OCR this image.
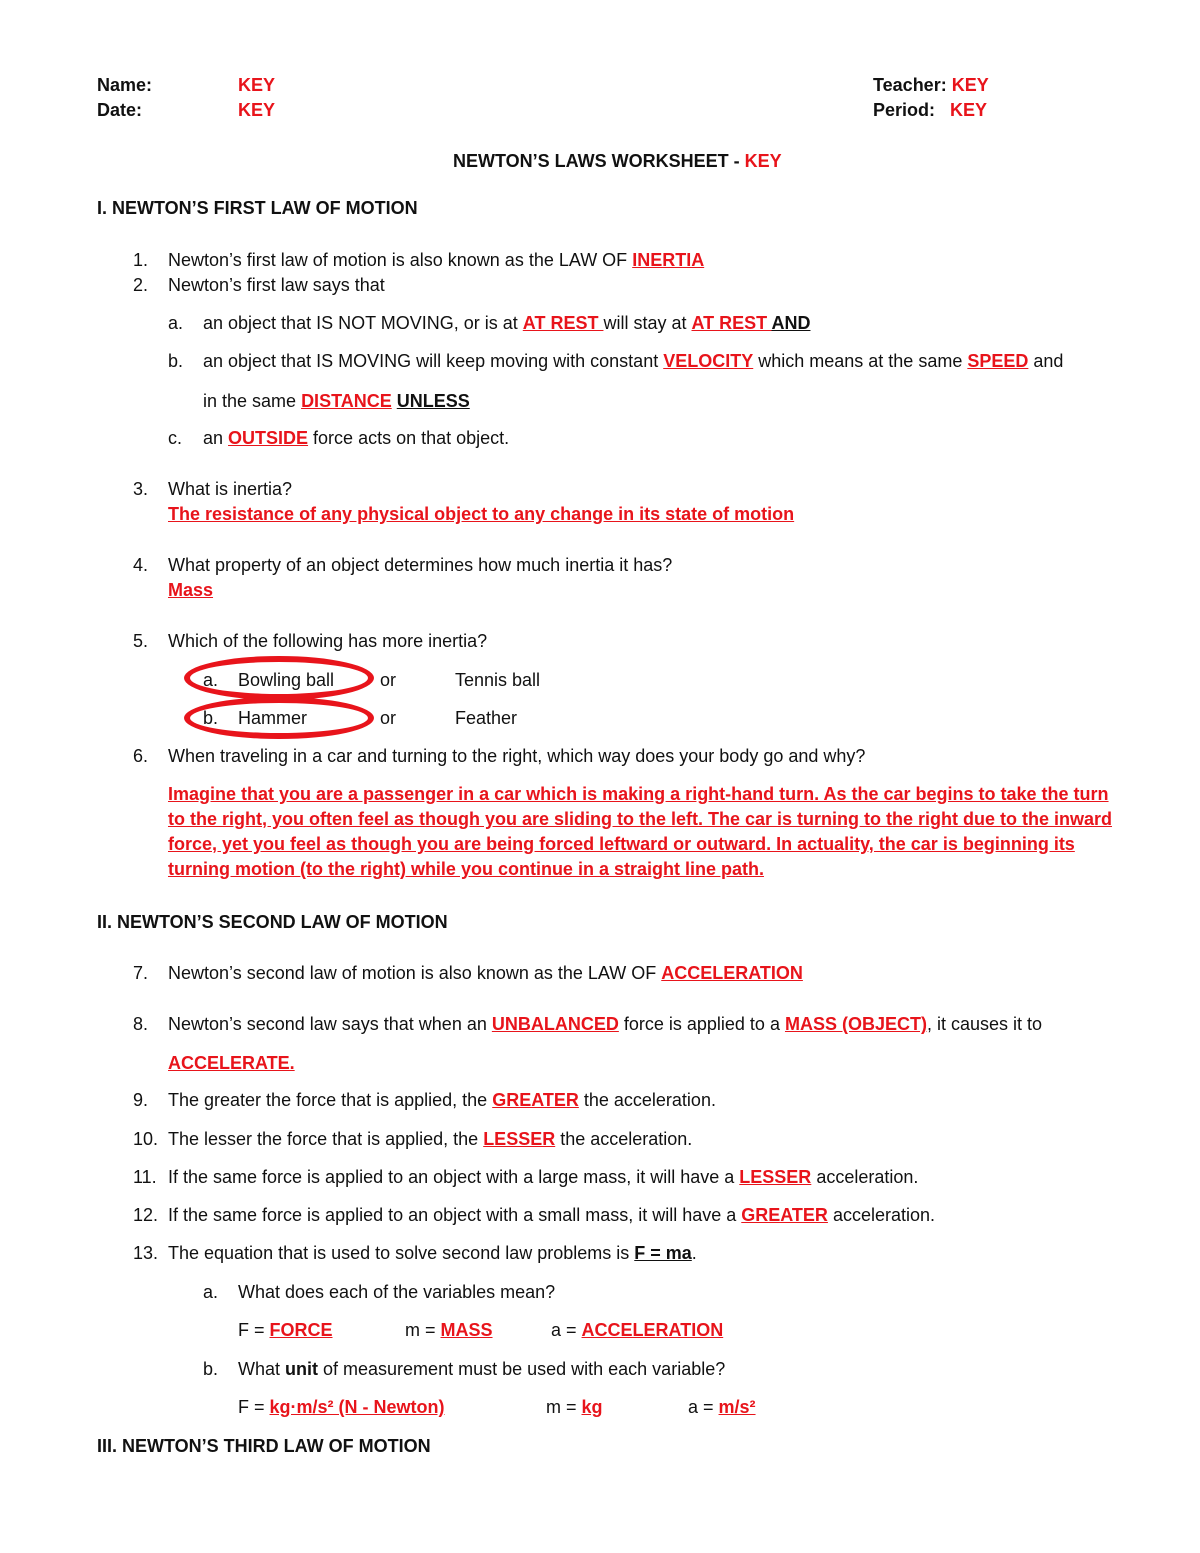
Name:	KEY
Date:	KEY
Teacher: KEY
Period: KEY
NEWTON’S LAWS WORKSHEET - KEY
I. NEWTON’S FIRST LAW OF MOTION
1. Newton’s first law of motion is also known as the LAW OF INERTIA
2. Newton’s first law says that
a. an object that IS NOT MOVING, or is at AT REST will stay at AT REST AND
b. an object that IS MOVING will keep moving with constant VELOCITY which means at the same SPEED and
in the same DISTANCE UNLESS
c. an OUTSIDE force acts on that object.
3. What is inertia?
The resistance of any physical object to any change in its state of motion
4. What property of an object determines how much inertia it has?
Mass
5. Which of the following has more inertia?
a. Bowling ball	or	Tennis ball
b. Hammer	or	Feather
6. When traveling in a car and turning to the right, which way does your body go and why?
Imagine that you are a passenger in a car which is making a right-hand turn. As the car begins to take the turn to the right, you often feel as though you are sliding to the left. The car is turning to the right due to the inward force, yet you feel as though you are being forced leftward or outward. In actuality, the car is beginning its turning motion (to the right) while you continue in a straight line path.
II. NEWTON’S SECOND LAW OF MOTION
7. Newton’s second law of motion is also known as the LAW OF ACCELERATION
8. Newton’s second law says that when an UNBALANCED force is applied to a MASS (OBJECT), it causes it to
ACCELERATE.
9. The greater the force that is applied, the GREATER the acceleration.
10. The lesser the force that is applied, the LESSER the acceleration.
11. If the same force is applied to an object with a large mass, it will have a LESSER acceleration.
12. If the same force is applied to an object with a small mass, it will have a GREATER acceleration.
13. The equation that is used to solve second law problems is F = ma.
a. What does each of the variables mean?
F = FORCE	m = MASS	a = ACCELERATION
b. What unit of measurement must be used with each variable?
F = kg·m/s² (N - Newton)	m = kg	a = m/s²
III. NEWTON’S THIRD LAW OF MOTION
